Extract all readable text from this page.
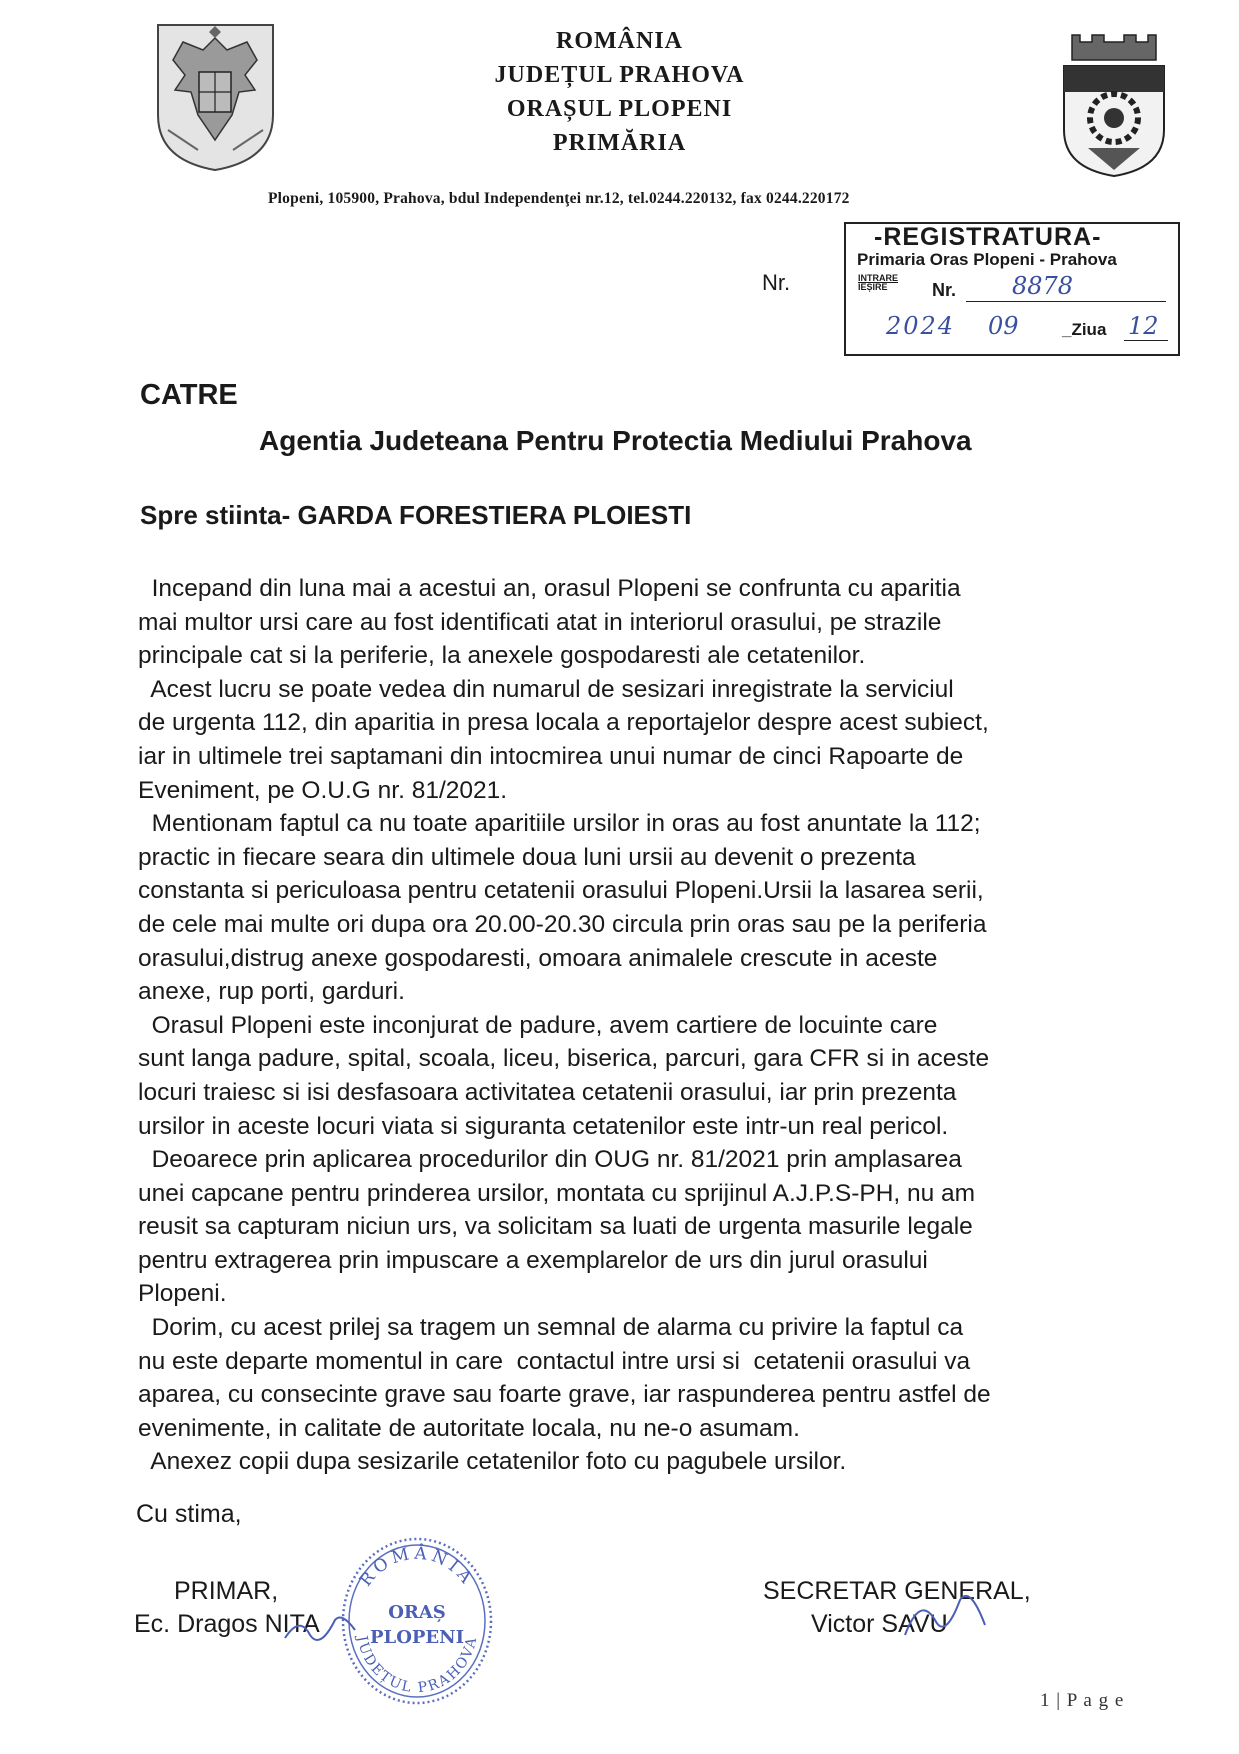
ROMÂNIA
JUDEȚUL PRAHOVA
ORAȘUL PLOPENI
PRIMĂRIA
Plopeni, 105900, Prahova, bdul Independenţei nr.12, tel.0244.220132, fax 0244.220172
-REGISTRATURA-
Primaria Oras Plopeni - Prahova
INTRARE
IEȘIRE	Nr. 8878
2024 09	_Ziua 12
Nr.
CATRE
Agentia Judeteana Pentru Protectia Mediului Prahova
Spre stiinta- GARDA FORESTIERA PLOIESTI

Incepand din luna mai a acestui an, orasul Plopeni se confrunta cu aparitia

mai multor ursi care au fost identificati atat in interiorul orasului, pe strazile

principale cat si la periferie, la anexele gospodaresti ale cetatenilor.

Acest lucru se poate vedea din numarul de sesizari inregistrate la serviciul

de urgenta 112, din aparitia in presa locala a reportajelor despre acest subiect,

iar in ultimele trei saptamani din intocmirea unui numar de cinci Rapoarte de

Eveniment, pe O.U.G nr. 81/2021.

Mentionam faptul ca nu toate aparitiile ursilor in oras au fost anuntate la 112;

practic in fiecare seara din ultimele doua luni ursii au devenit o prezenta

constanta si periculoasa pentru cetatenii orasului Plopeni.Ursii la lasarea serii,

de cele mai multe ori dupa ora 20.00-20.30 circula prin oras sau pe la periferia

orasului,distrug anexe gospodaresti, omoara animalele crescute in aceste

anexe, rup porti, garduri.

Orasul Plopeni este inconjurat de padure, avem cartiere de locuinte care

sunt langa padure, spital, scoala, liceu, biserica, parcuri, gara CFR si in aceste

locuri traiesc si isi desfasoara activitatea cetatenii orasului, iar prin prezenta

ursilor in aceste locuri viata si siguranta cetatenilor este intr-un real pericol.

Deoarece prin aplicarea procedurilor din OUG nr. 81/2021 prin amplasarea

unei capcane pentru prinderea ursilor, montata cu sprijinul A.J.P.S-PH, nu am

reusit sa capturam niciun urs, va solicitam sa luati de urgenta masurile legale

pentru extragerea prin impuscare a exemplarelor de urs din jurul orasului

Plopeni.

Dorim, cu acest prilej sa tragem un semnal de alarma cu privire la faptul ca

nu este departe momentul in care  contactul intre ursi si  cetatenii orasului va

aparea, cu consecinte grave sau foarte grave, iar raspunderea pentru astfel de

evenimente, in calitate de autoritate locala, nu ne-o asumam.

Anexez copii dupa sesizarile cetatenilor foto cu pagubele ursilor.

Cu stima,
PRIMAR,
Ec. Dragos NITA
SECRETAR GENERAL,
Victor SAVU
ROMÂNIA
JUDEȚUL PRAHOVA
ORAȘ
PLOPENI
1 | P a g e
